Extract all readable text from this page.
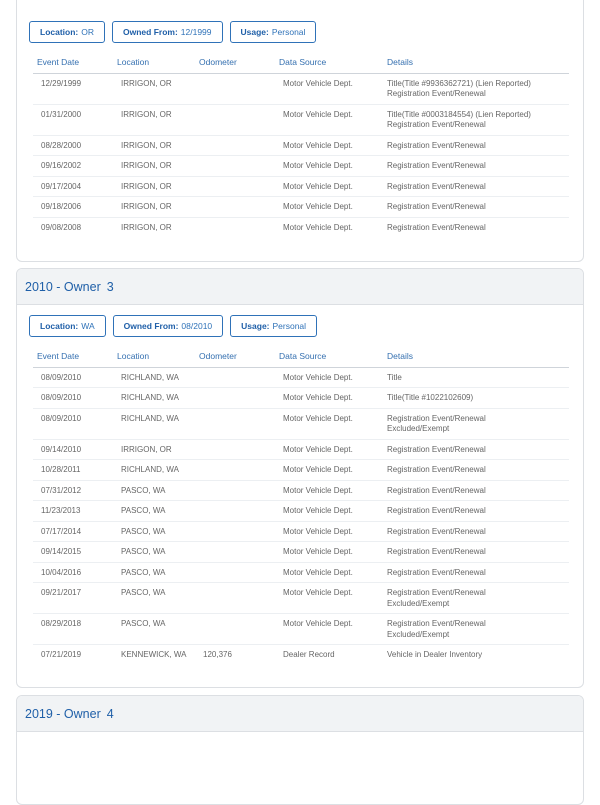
Location: OR	Owned From: 12/1999	Usage: Personal
Event Date	Location	Odometer	Data Source	Details
12/29/1999	IRRIGON, OR		Motor Vehicle Dept.	Title(Title #9936362721) (Lien Reported)
Registration Event/Renewal

01/31/2000	IRRIGON, OR		Motor Vehicle Dept.	Title(Title #0003184554) (Lien Reported)
Registration Event/Renewal

08/28/2000	IRRIGON, OR		Motor Vehicle Dept.	Registration Event/Renewal

09/16/2002	IRRIGON, OR		Motor Vehicle Dept.	Registration Event/Renewal

09/17/2004	IRRIGON, OR		Motor Vehicle Dept.	Registration Event/Renewal

09/18/2006	IRRIGON, OR		Motor Vehicle Dept.	Registration Event/Renewal

09/08/2008	IRRIGON, OR		Motor Vehicle Dept.	Registration Event/Renewal
2010 - Owner 3
Location: WA	Owned From: 08/2010	Usage: Personal
Event Date	Location	Odometer	Data Source	Details
08/09/2010	RICHLAND, WA		Motor Vehicle Dept.	Title

08/09/2010	RICHLAND, WA		Motor Vehicle Dept.	Title(Title #1022102609)

08/09/2010	RICHLAND, WA		Motor Vehicle Dept.	Registration Event/Renewal
Excluded/Exempt

09/14/2010	IRRIGON, OR		Motor Vehicle Dept.	Registration Event/Renewal

10/28/2011	RICHLAND, WA		Motor Vehicle Dept.	Registration Event/Renewal

07/31/2012	PASCO, WA		Motor Vehicle Dept.	Registration Event/Renewal

11/23/2013	PASCO, WA		Motor Vehicle Dept.	Registration Event/Renewal

07/17/2014	PASCO, WA		Motor Vehicle Dept.	Registration Event/Renewal

09/14/2015	PASCO, WA		Motor Vehicle Dept.	Registration Event/Renewal

10/04/2016	PASCO, WA		Motor Vehicle Dept.	Registration Event/Renewal

09/21/2017	PASCO, WA		Motor Vehicle Dept.	Registration Event/Renewal
Excluded/Exempt

08/29/2018	PASCO, WA		Motor Vehicle Dept.	Registration Event/Renewal
Excluded/Exempt

07/21/2019	KENNEWICK, WA	120,376	Dealer Record	Vehicle in Dealer Inventory
2019 - Owner 4
